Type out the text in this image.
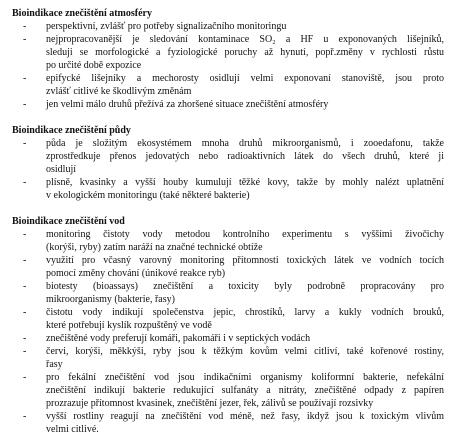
Bioindikace znečištění atmosféry
- perspektivní, zvlášť pro potřeby signalizačního monitoringu
- nejpropracovanější je sledování kontaminace SO₂ a HF u exponovaných lišejníků,
sleduji se morfologické a fyziologické poruchy až hynutí, popř.změny v rychlosti růstu
po určité době expozice
- epifycké lišejníky a mechorosty osidlují velmi exponovaní stanoviště, jsou proto
zvlášť citlivé ke škodlivým změnám
- jen velmi málo druhů přežívá za zhoršené situace znečištění atmosféry
Bioindikace znečištění půdy
- půda je složitým ekosystémem mnoha druhů mikroorganismů, i zooedafonu, takže
zprostředkuje přenos jedovatých nebo radioaktivních látek do všech druhů, které ji
osidlují
- plísně, kvasinky a vyšší houby kumulují těžké kovy, takže by mohly nalézt uplatnění
v ekologickém monitoringu (také některé bakterie)
Bioindikace znečištění vod
- monitoring čistoty vody metodou kontrolního experimentu s vyššími živočichy
(korýši, ryby) zatím naráží na značné technické obtíže
- využití pro včasný varovný monitoring přítomnosti toxických látek ve vodních tocích
pomocí změny chování (únikové reakce ryb)
- biotesty (bioassays) znečištění a toxicity byly podrobně propracovány pro
mikroorganismy (bakterie, řasy)
- čistotu vody indikují společenstva jepic, chrostíků, larvy a kukly vodních brouků,
které potřebují kyslík rozpuštěný ve vodě
- znečištěné vody preferují komáři, pakomáři i v septických vodách
- červi, korýši, měkkýši, ryby jsou k těžkým kovům velmi citliví, také kořenové rostiny,
řasy
- pro fekální znečištění vod jsou indikačními organismy koliformní bakterie, nefekální
znečištění indikují bakterie redukující sulfanáty a nitráty, znečištěné odpady z papíren
prozrazuje přítomnost kvasinek, znečištění jezer, řek, zálivů se používají rozsivky
- vyšší rostliny reagují na znečištění vod méně, než řasy, ikdyž jsou k toxickým vlivům
velmi citlivé.
